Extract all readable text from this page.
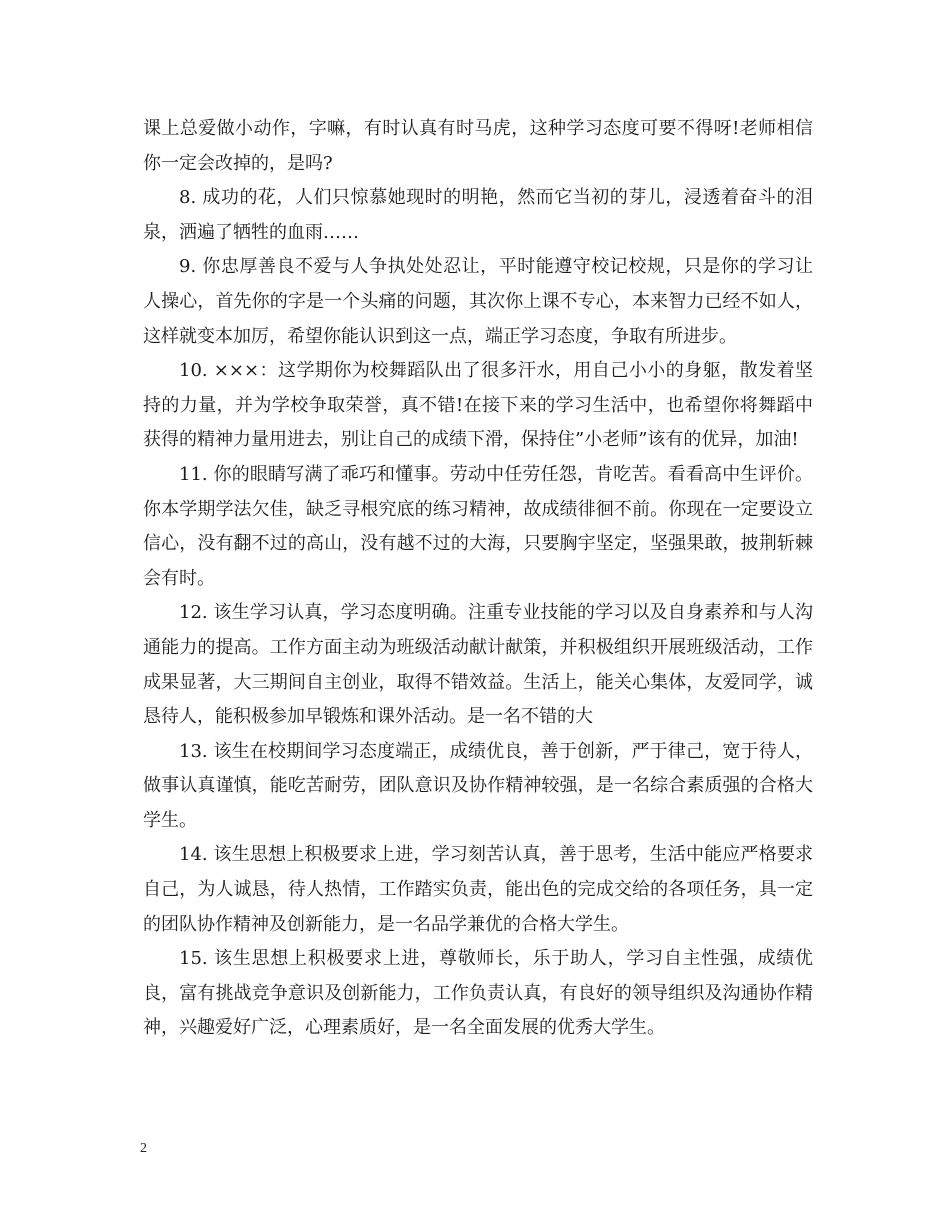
课上总爱做小动作，字嘛，有时认真有时马虎，这种学习态度可要不得呀!老师相信你一定会改掉的，是吗?

8. 成功的花，人们只惊慕她现时的明艳，然而它当初的芽儿，浸透着奋斗的泪泉，洒遍了牺牲的血雨……

9. 你忠厚善良不爱与人争执处处忍让，平时能遵守校记校规，只是你的学习让人操心，首先你的字是一个头痛的问题，其次你上课不专心，本来智力已经不如人，这样就变本加厉，希望你能认识到这一点，端正学习态度，争取有所进步。

10. ×××：这学期你为校舞蹈队出了很多汗水，用自己小小的身躯，散发着坚持的力量，并为学校争取荣誉，真不错!在接下来的学习生活中，也希望你将舞蹈中获得的精神力量用进去，别让自己的成绩下滑，保持住”小老师”该有的优异，加油!

11. 你的眼睛写满了乖巧和懂事。劳动中任劳任怨，肯吃苦。看看高中生评价。你本学期学法欠佳，缺乏寻根究底的练习精神，故成绩徘徊不前。你现在一定要设立信心，没有翻不过的高山，没有越不过的大海，只要胸宇坚定，坚强果敢，披荆斩棘会有时。

12. 该生学习认真，学习态度明确。注重专业技能的学习以及自身素养和与人沟通能力的提高。工作方面主动为班级活动献计献策，并积极组织开展班级活动，工作成果显著，大三期间自主创业，取得不错效益。生活上，能关心集体，友爱同学，诚恳待人，能积极参加早锻炼和课外活动。是一名不错的大

13. 该生在校期间学习态度端正，成绩优良，善于创新，严于律己，宽于待人，做事认真谨慎，能吃苦耐劳，团队意识及协作精神较强，是一名综合素质强的合格大学生。

14. 该生思想上积极要求上进，学习刻苦认真，善于思考，生活中能应严格要求自己，为人诚恳，待人热情，工作踏实负责，能出色的完成交给的各项任务，具一定的团队协作精神及创新能力，是一名品学兼优的合格大学生。

15. 该生思想上积极要求上进，尊敬师长，乐于助人，学习自主性强，成绩优良，富有挑战竞争意识及创新能力，工作负责认真，有良好的领导组织及沟通协作精神，兴趣爱好广泛，心理素质好，是一名全面发展的优秀大学生。

2
